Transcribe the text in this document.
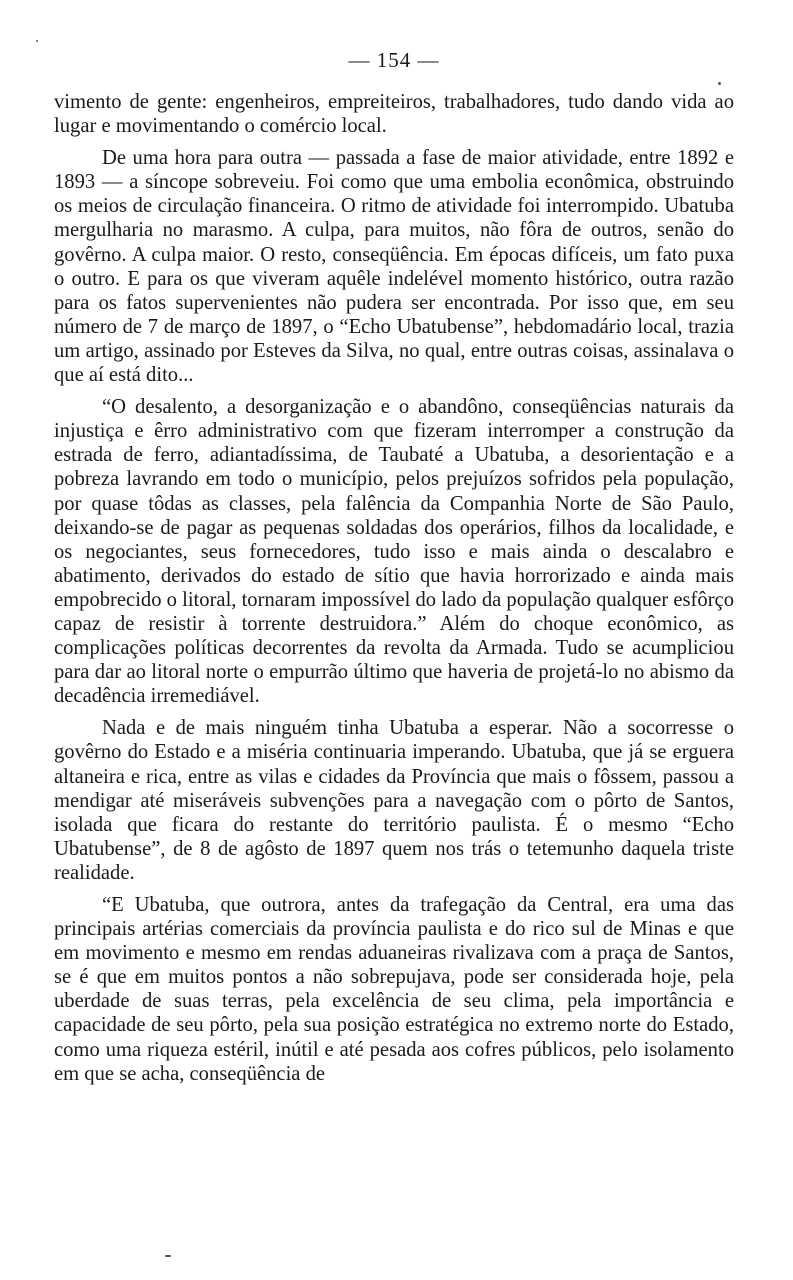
— 154 —

vimento de gente: engenheiros, empreiteiros, trabalhadores, tudo dando vida ao lugar e movimentando o comércio local.

De uma hora para outra — passada a fase de maior atividade, entre 1892 e 1893 — a síncope sobreveiu. Foi como que uma embolia econômica, obstruindo os meios de circulação financeira. O ritmo de atividade foi interrompido. Ubatuba mergulharia no marasmo. A culpa, para muitos, não fôra de outros, senão do govêrno. A culpa maior. O resto, conseqüência. Em épocas difíceis, um fato puxa o outro. E para os que viveram aquêle indelével momento histórico, outra razão para os fatos supervenientes não pudera ser encontrada. Por isso que, em seu número de 7 de março de 1897, o “Echo Ubatubense”, hebdomadário local, trazia um artigo, assinado por Esteves da Silva, no qual, entre outras coisas, assinalava o que aí está dito...

“O desalento, a desorganização e o abandôno, conseqüências naturais da injustiça e êrro administrativo com que fizeram interromper a construção da estrada de ferro, adiantadíssima, de Taubaté a Ubatuba, a desorientação e a pobreza lavrando em todo o município, pelos prejuízos sofridos pela população, por quase tôdas as classes, pela falência da Companhia Norte de São Paulo, deixando-se de pagar as pequenas soldadas dos operários, filhos da localidade, e os negociantes, seus fornecedores, tudo isso e mais ainda o descalabro e abatimento, derivados do estado de sítio que havia horrorizado e ainda mais empobrecido o litoral, tornaram impossível do lado da população qualquer esfôrço capaz de resistir à torrente destruidora.” Além do choque econômico, as complicações políticas decorrentes da revolta da Armada. Tudo se acumpliciou para dar ao litoral norte o empurrão último que haveria de projetá-lo no abismo da decadência irremediável.

Nada e de mais ninguém tinha Ubatuba a esperar. Não a socorresse o govêrno do Estado e a miséria continuaria imperando. Ubatuba, que já se erguera altaneira e rica, entre as vilas e cidades da Província que mais o fôssem, passou a mendigar até miseráveis subvenções para a navegação com o pôrto de Santos, isolada que ficara do restante do território paulista. É o mesmo “Echo Ubatubense”, de 8 de agôsto de 1897 quem nos trás o tetemunho daquela triste realidade.

“E Ubatuba, que outrora, antes da trafegação da Central, era uma das principais artérias comerciais da província paulista e do rico sul de Minas e que em movimento e mesmo em rendas aduaneiras rivalizava com a praça de Santos, se é que em muitos pontos a não sobrepujava, pode ser considerada hoje, pela uberdade de suas terras, pela excelência de seu clima, pela importância e capacidade de seu pôrto, pela sua posição estratégica no extremo norte do Estado, como uma riqueza estéril, inútil e até pesada aos cofres públicos, pelo isolamento em que se acha, conseqüência de
